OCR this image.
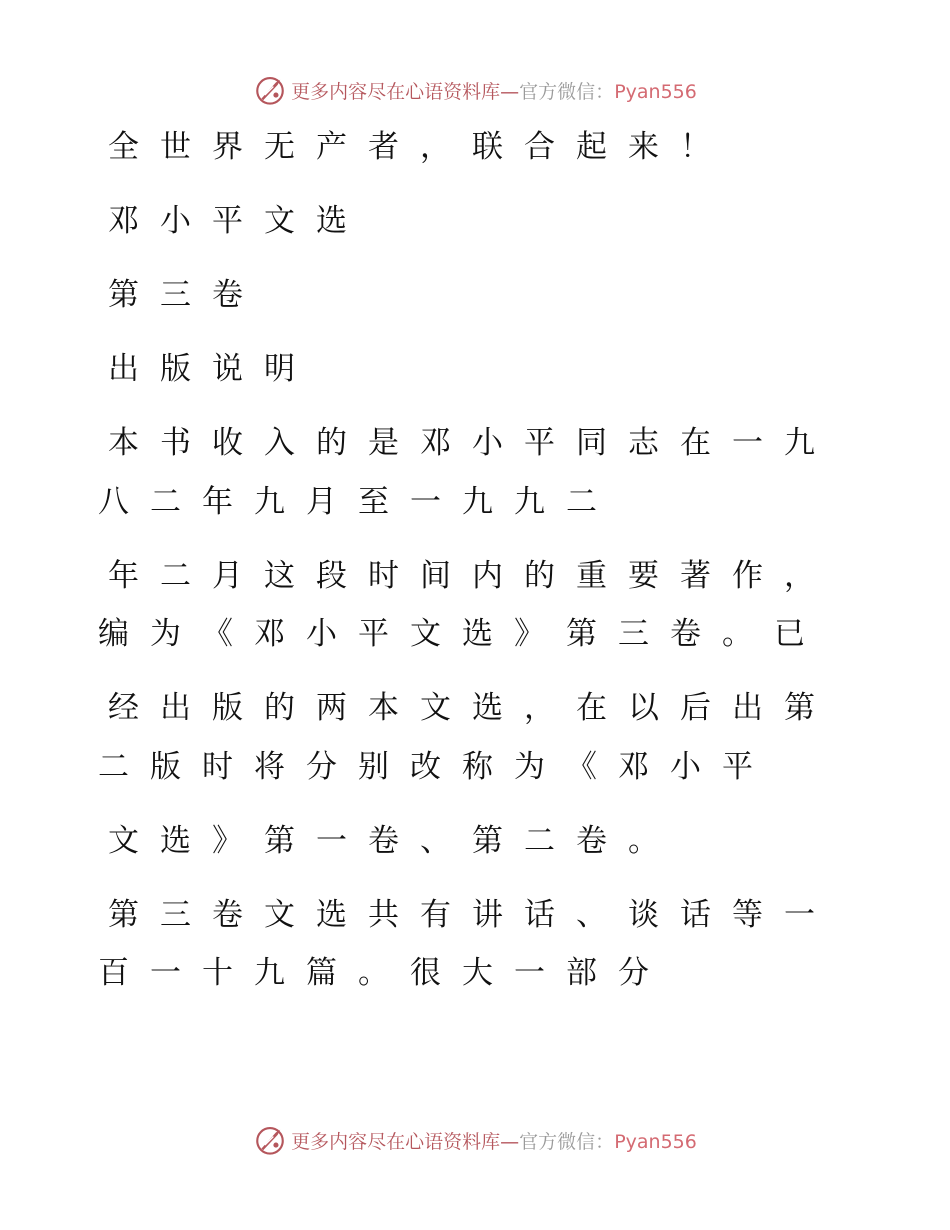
更多内容尽在心语资料库—官方微信：Pyan556
全世界无产者，联合起来！
邓小平文选
第三卷
出版说明
本书收入的是邓小平同志在一九
八二年九月至一九九二
年二月这段时间内的重要著作，
编为《邓小平文选》第三卷。已
经出版的两本文选，在以后出第
二版时将分别改称为《邓小平
文选》第一卷、第二卷。
第三卷文选共有讲话、谈话等一
百一十九篇。很大一部分
更多内容尽在心语资料库—官方微信：Pyan556
